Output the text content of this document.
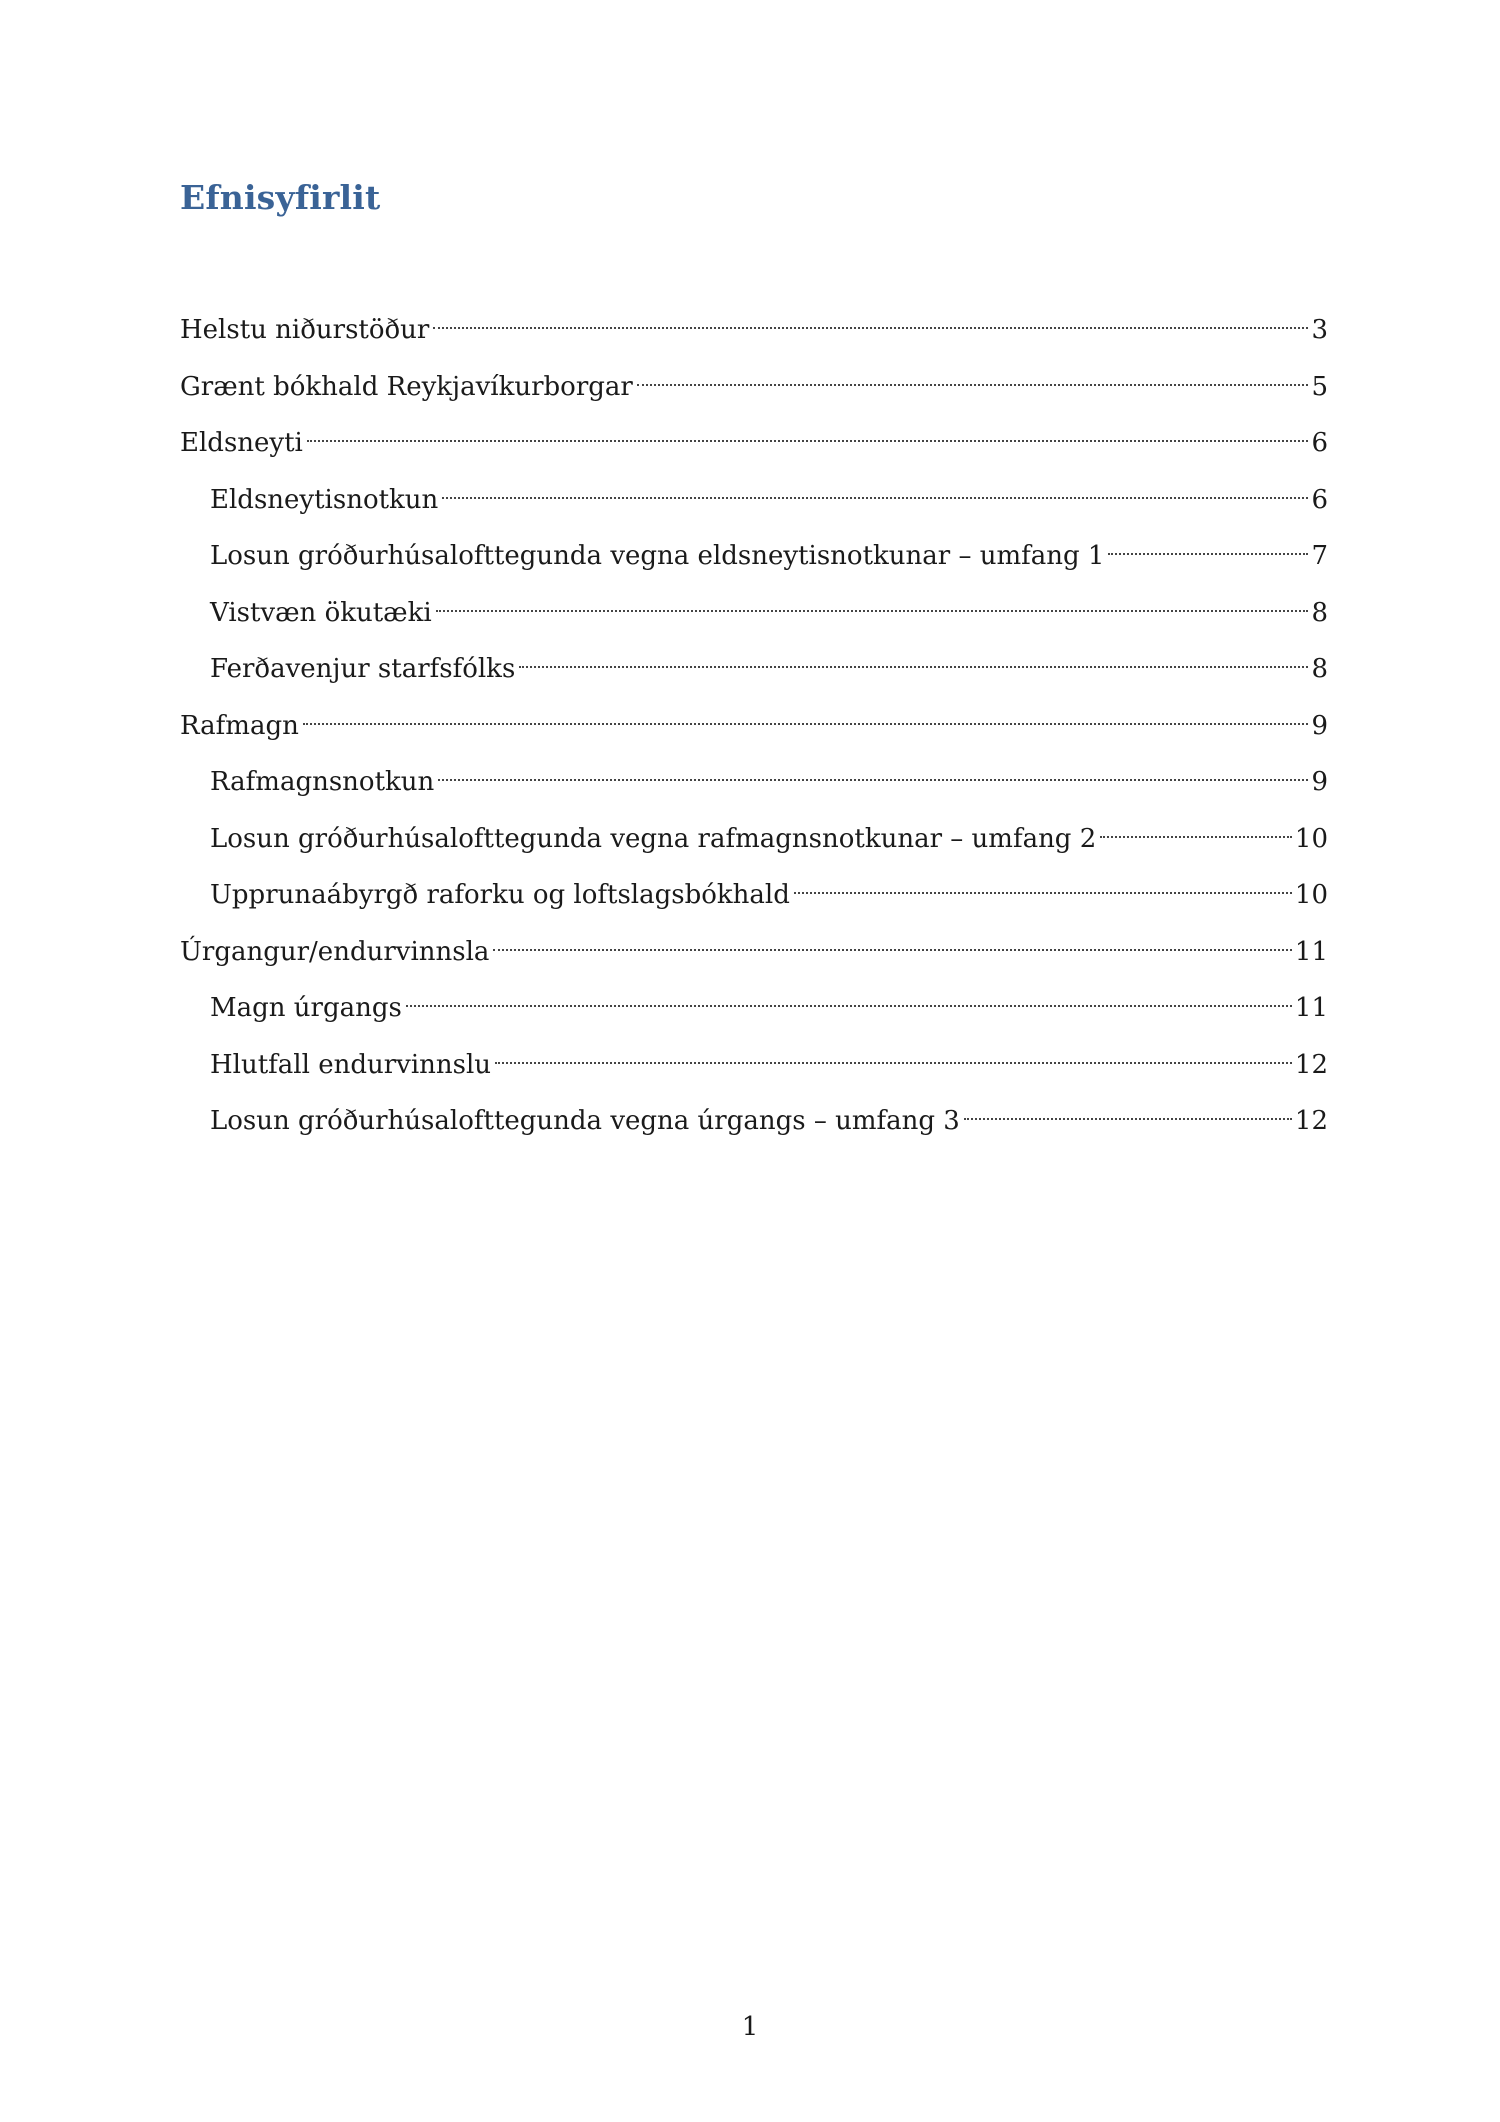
Efnisyfirlit
Helstu niðurstöður	3
Grænt bókhald Reykjavíkurborgar	5
Eldsneyti	6
Eldsneytisnotkun	6
Losun gróðurhúsalofttegunda vegna eldsneytisnotkunar – umfang 1	7
Vistvæn ökutæki	8
Ferðavenjur starfsfólks	8
Rafmagn	9
Rafmagnsnotkun	9
Losun gróðurhúsalofttegunda vegna rafmagnsnotkunar – umfang 2	10
Upprunaábyrgð raforku og loftslagsbókhald	10
Úrgangur/endurvinnsla	11
Magn úrgangs	11
Hlutfall endurvinnslu	12
Losun gróðurhúsalofttegunda vegna úrgangs – umfang 3	12
1
